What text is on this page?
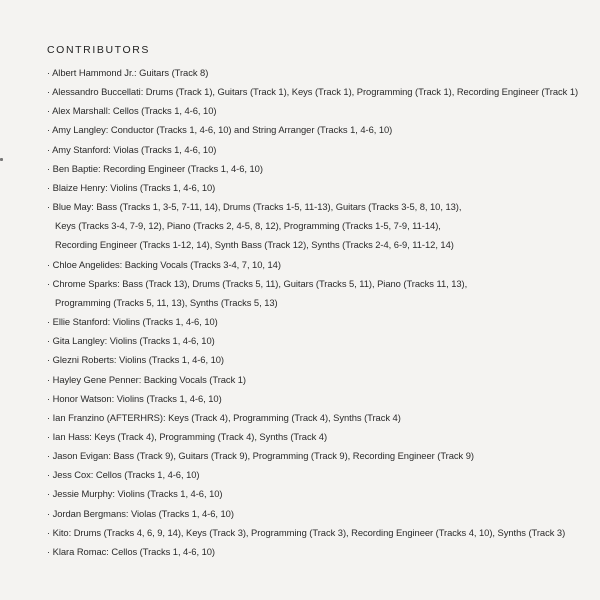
CONTRIBUTORS
· Albert Hammond Jr.: Guitars (Track 8)
· Alessandro Buccellati: Drums (Track 1), Guitars (Track 1), Keys (Track 1), Programming (Track 1), Recording Engineer (Track 1)
· Alex Marshall: Cellos (Tracks 1, 4-6, 10)
· Amy Langley: Conductor (Tracks 1, 4-6, 10) and String Arranger (Tracks 1, 4-6, 10)
· Amy Stanford: Violas (Tracks 1, 4-6, 10)
· Ben Baptie: Recording Engineer (Tracks 1, 4-6, 10)
· Blaize Henry: Violins (Tracks 1, 4-6, 10)
· Blue May: Bass (Tracks 1, 3-5, 7-11, 14), Drums (Tracks 1-5, 11-13), Guitars (Tracks 3-5, 8, 10, 13),
Keys (Tracks 3-4, 7-9, 12), Piano (Tracks 2, 4-5, 8, 12), Programming (Tracks 1-5, 7-9, 11-14),
Recording Engineer (Tracks 1-12, 14), Synth Bass (Track 12), Synths (Tracks 2-4, 6-9, 11-12, 14)
· Chloe Angelides: Backing Vocals (Tracks 3-4, 7, 10, 14)
· Chrome Sparks: Bass (Track 13), Drums (Tracks 5, 11), Guitars (Tracks 5, 11), Piano (Tracks 11, 13),
Programming (Tracks 5, 11, 13), Synths (Tracks 5, 13)
· Ellie Stanford: Violins (Tracks 1, 4-6, 10)
· Gita Langley: Violins (Tracks 1, 4-6, 10)
· Glezni Roberts: Violins (Tracks 1, 4-6, 10)
· Hayley Gene Penner: Backing Vocals (Track 1)
· Honor Watson: Violins (Tracks 1, 4-6, 10)
· Ian Franzino (AFTERHRS): Keys (Track 4), Programming (Track 4), Synths (Track 4)
· Ian Hass: Keys (Track 4), Programming (Track 4), Synths (Track 4)
· Jason Evigan: Bass (Track 9), Guitars (Track 9), Programming (Track 9), Recording Engineer (Track 9)
· Jess Cox: Cellos (Tracks 1, 4-6, 10)
· Jessie Murphy: Violins (Tracks 1, 4-6, 10)
· Jordan Bergmans: Violas (Tracks 1, 4-6, 10)
· Kito: Drums (Tracks 4, 6, 9, 14), Keys (Track 3), Programming (Track 3), Recording Engineer (Tracks 4, 10), Synths (Track 3)
· Klara Romac: Cellos (Tracks 1, 4-6, 10)
